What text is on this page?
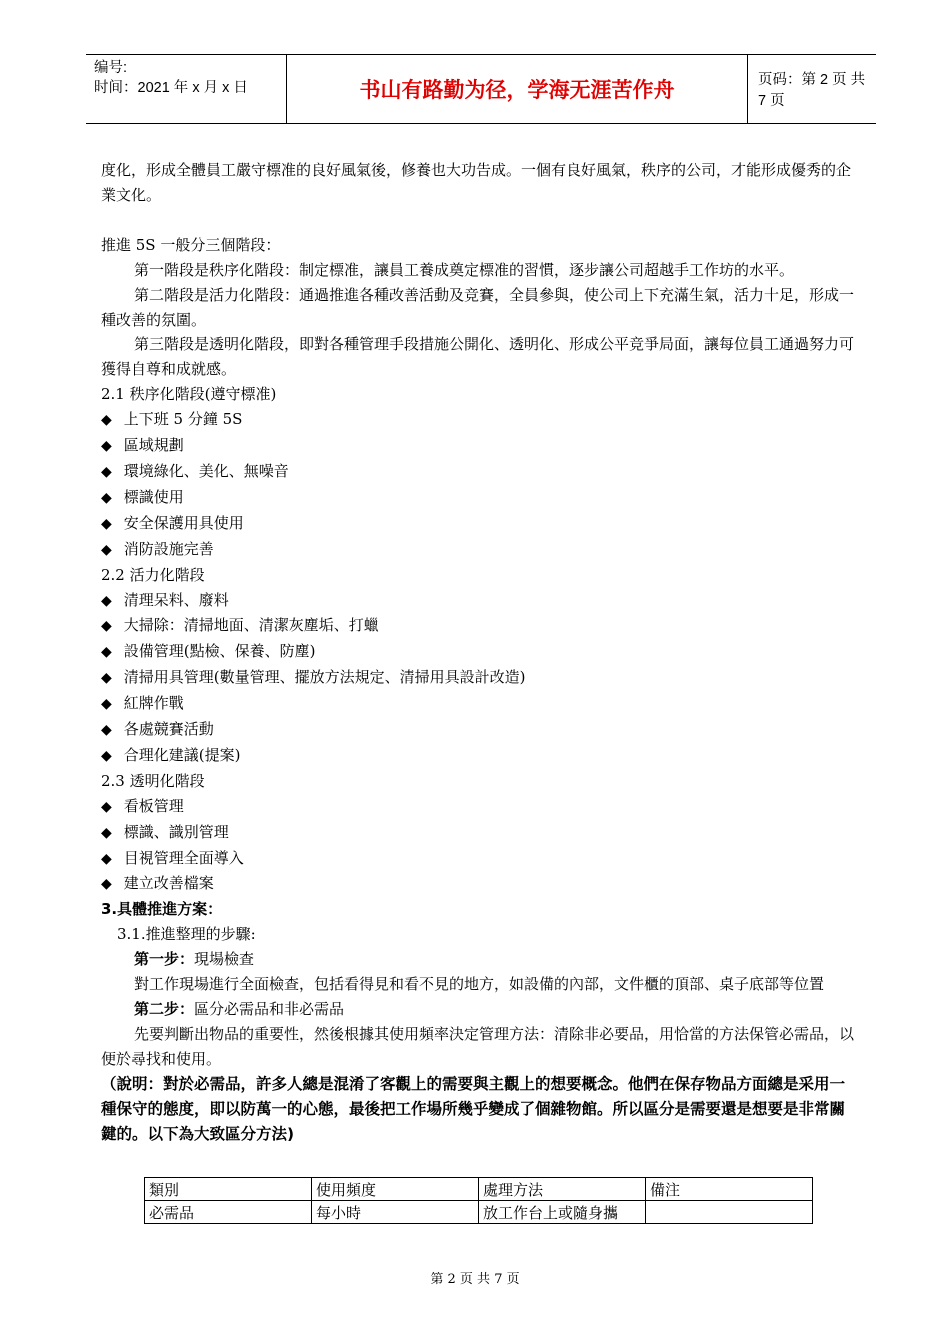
编号:
时间：2021 年 x 月 x 日	书山有路勤为径，学海无涯苦作舟	页码：第 2 页 共 7 页

度化，形成全體員工嚴守標准的良好風氣後，修養也大功告成。一個有良好風氣，秩序的公司，才能形成優秀的企業文化。

推進 5S 一般分三個階段：

第一階段是秩序化階段：制定標准，讓員工養成奠定標准的習慣，逐步讓公司超越手工作坊的水平。

第二階段是活力化階段：通過推進各種改善活動及竞賽，全員參與，使公司上下充滿生氣，活力十足，形成一種改善的氛圍。

第三階段是透明化階段，即對各種管理手段措施公開化、透明化、形成公平竞爭局面，讓每位員工通過努力可獲得自尊和成就感。

2.1 秩序化階段(遵守標准)

◆ 上下班 5 分鐘 5S
◆ 區域規劃
◆ 環境綠化、美化、無噪音
◆ 標識使用
◆ 安全保護用具使用
◆ 消防設施完善

2.2 活力化階段

◆ 清理呆料、廢料
◆ 大掃除：清掃地面、清潔灰塵垢、打蠟
◆ 設備管理(點檢、保養、防塵)
◆ 清掃用具管理(數量管理、擺放方法規定、清掃用具設計改造)
◆ 紅牌作戰
◆ 各處競賽活動
◆ 合理化建議(提案)

2.3 透明化階段

◆ 看板管理
◆ 標識、識別管理
◆ 目視管理全面導入
◆ 建立改善檔案

3.具體推進方案：

3.1.推進整理的步驟:

第一步：現場檢查

對工作現場進行全面檢查，包括看得見和看不見的地方，如設備的內部，文件櫃的頂部、桌子底部等位置

第二步：區分必需品和非必需品

先要判斷出物品的重要性，然後根據其使用頻率決定管理方法：清除非必要品，用恰當的方法保管必需品，以便於尋找和使用。

（說明：對於必需品，許多人總是混淆了客觀上的需要與主觀上的想要概念。他們在保存物品方面總是采用一種保守的態度，即以防萬一的心態，最後把工作場所幾乎變成了個雜物館。所以區分是需要還是想要是非常關鍵的。以下為大致區分方法)

類別	使用頻度	處理方法	備注
必需品	每小時	放工作台上或隨身攜	
第 2 页 共 7 页
